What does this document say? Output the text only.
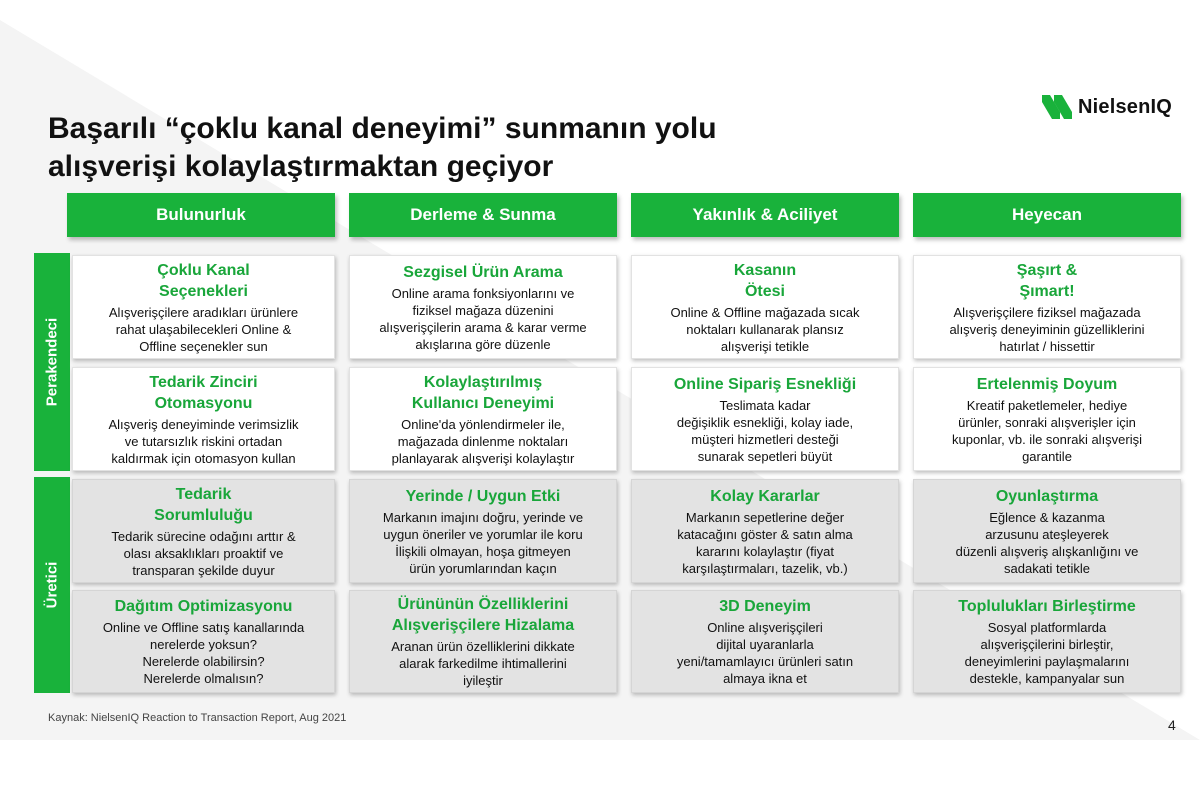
Başarılı “çoklu kanal deneyimi” sunmanın yolu
alışverişi kolaylaştırmaktan geçiyor
NielsenIQ
Bulunurluk	Derleme & Sunma	Yakınlık & Aciliyet	Heyecan
Perakendeci
Üretici
Çoklu Kanal
Seçenekleri
Alışverişçilere aradıkları ürünlere
rahat ulaşabilecekleri Online &
Offline seçenekler sun
Sezgisel Ürün Arama
Online arama fonksiyonlarını ve
fiziksel mağaza düzenini
alışverişçilerin arama & karar verme
akışlarına göre düzenle
Kasanın
Ötesi
Online & Offline mağazada sıcak
noktaları kullanarak plansız
alışverişi tetikle
Şaşırt &
Şımart!
Alışverişçilere fiziksel mağazada
alışveriş deneyiminin güzelliklerini
hatırlat / hissettir
Tedarik Zinciri
Otomasyonu
Alışveriş deneyiminde verimsizlik
ve tutarsızlık riskini ortadan
kaldırmak için otomasyon kullan
Kolaylaştırılmış
Kullanıcı Deneyimi
Online'da yönlendirmeler ile,
mağazada dinlenme noktaları
planlayarak alışverişi kolaylaştır
Online Sipariş Esnekliği
Teslimata kadar
değişiklik esnekliği, kolay iade,
müşteri hizmetleri desteği
sunarak sepetleri büyüt
Ertelenmiş Doyum
Kreatif paketlemeler, hediye
ürünler, sonraki alışverişler için
kuponlar, vb. ile sonraki alışverişi
garantile
Tedarik
Sorumluluğu
Tedarik sürecine odağını arttır &
olası aksaklıkları proaktif ve
transparan şekilde duyur
Yerinde / Uygun Etki
Markanın imajını doğru, yerinde ve
uygun öneriler ve yorumlar ile koru
İlişkili olmayan, hoşa gitmeyen
ürün yorumlarından kaçın
Kolay Kararlar
Markanın sepetlerine değer
katacağını göster & satın alma
kararını kolaylaştır (fiyat
karşılaştırmaları, tazelik, vb.)
Oyunlaştırma
Eğlence & kazanma
arzusunu ateşleyerek
düzenli alışveriş alışkanlığını ve
sadakati tetikle
Dağıtım Optimizasyonu
Online ve Offline satış kanallarında
nerelerde yoksun?
Nerelerde olabilirsin?
Nerelerde olmalısın?
Ürününün Özelliklerini
Alışverişçilere Hizalama
Aranan ürün özelliklerini dikkate
alarak farkedilme ihtimallerini
iyileştir
3D Deneyim
Online alışverişçileri
dijital uyaranlarla
yeni/tamamlayıcı ürünleri satın
almaya ikna et
Toplulukları Birleştirme
Sosyal platformlarda
alışverişçilerini birleştir,
deneyimlerini paylaşmalarını
destekle, kampanyalar sun
Kaynak: NielsenIQ Reaction to Transaction Report, Aug 2021	4
